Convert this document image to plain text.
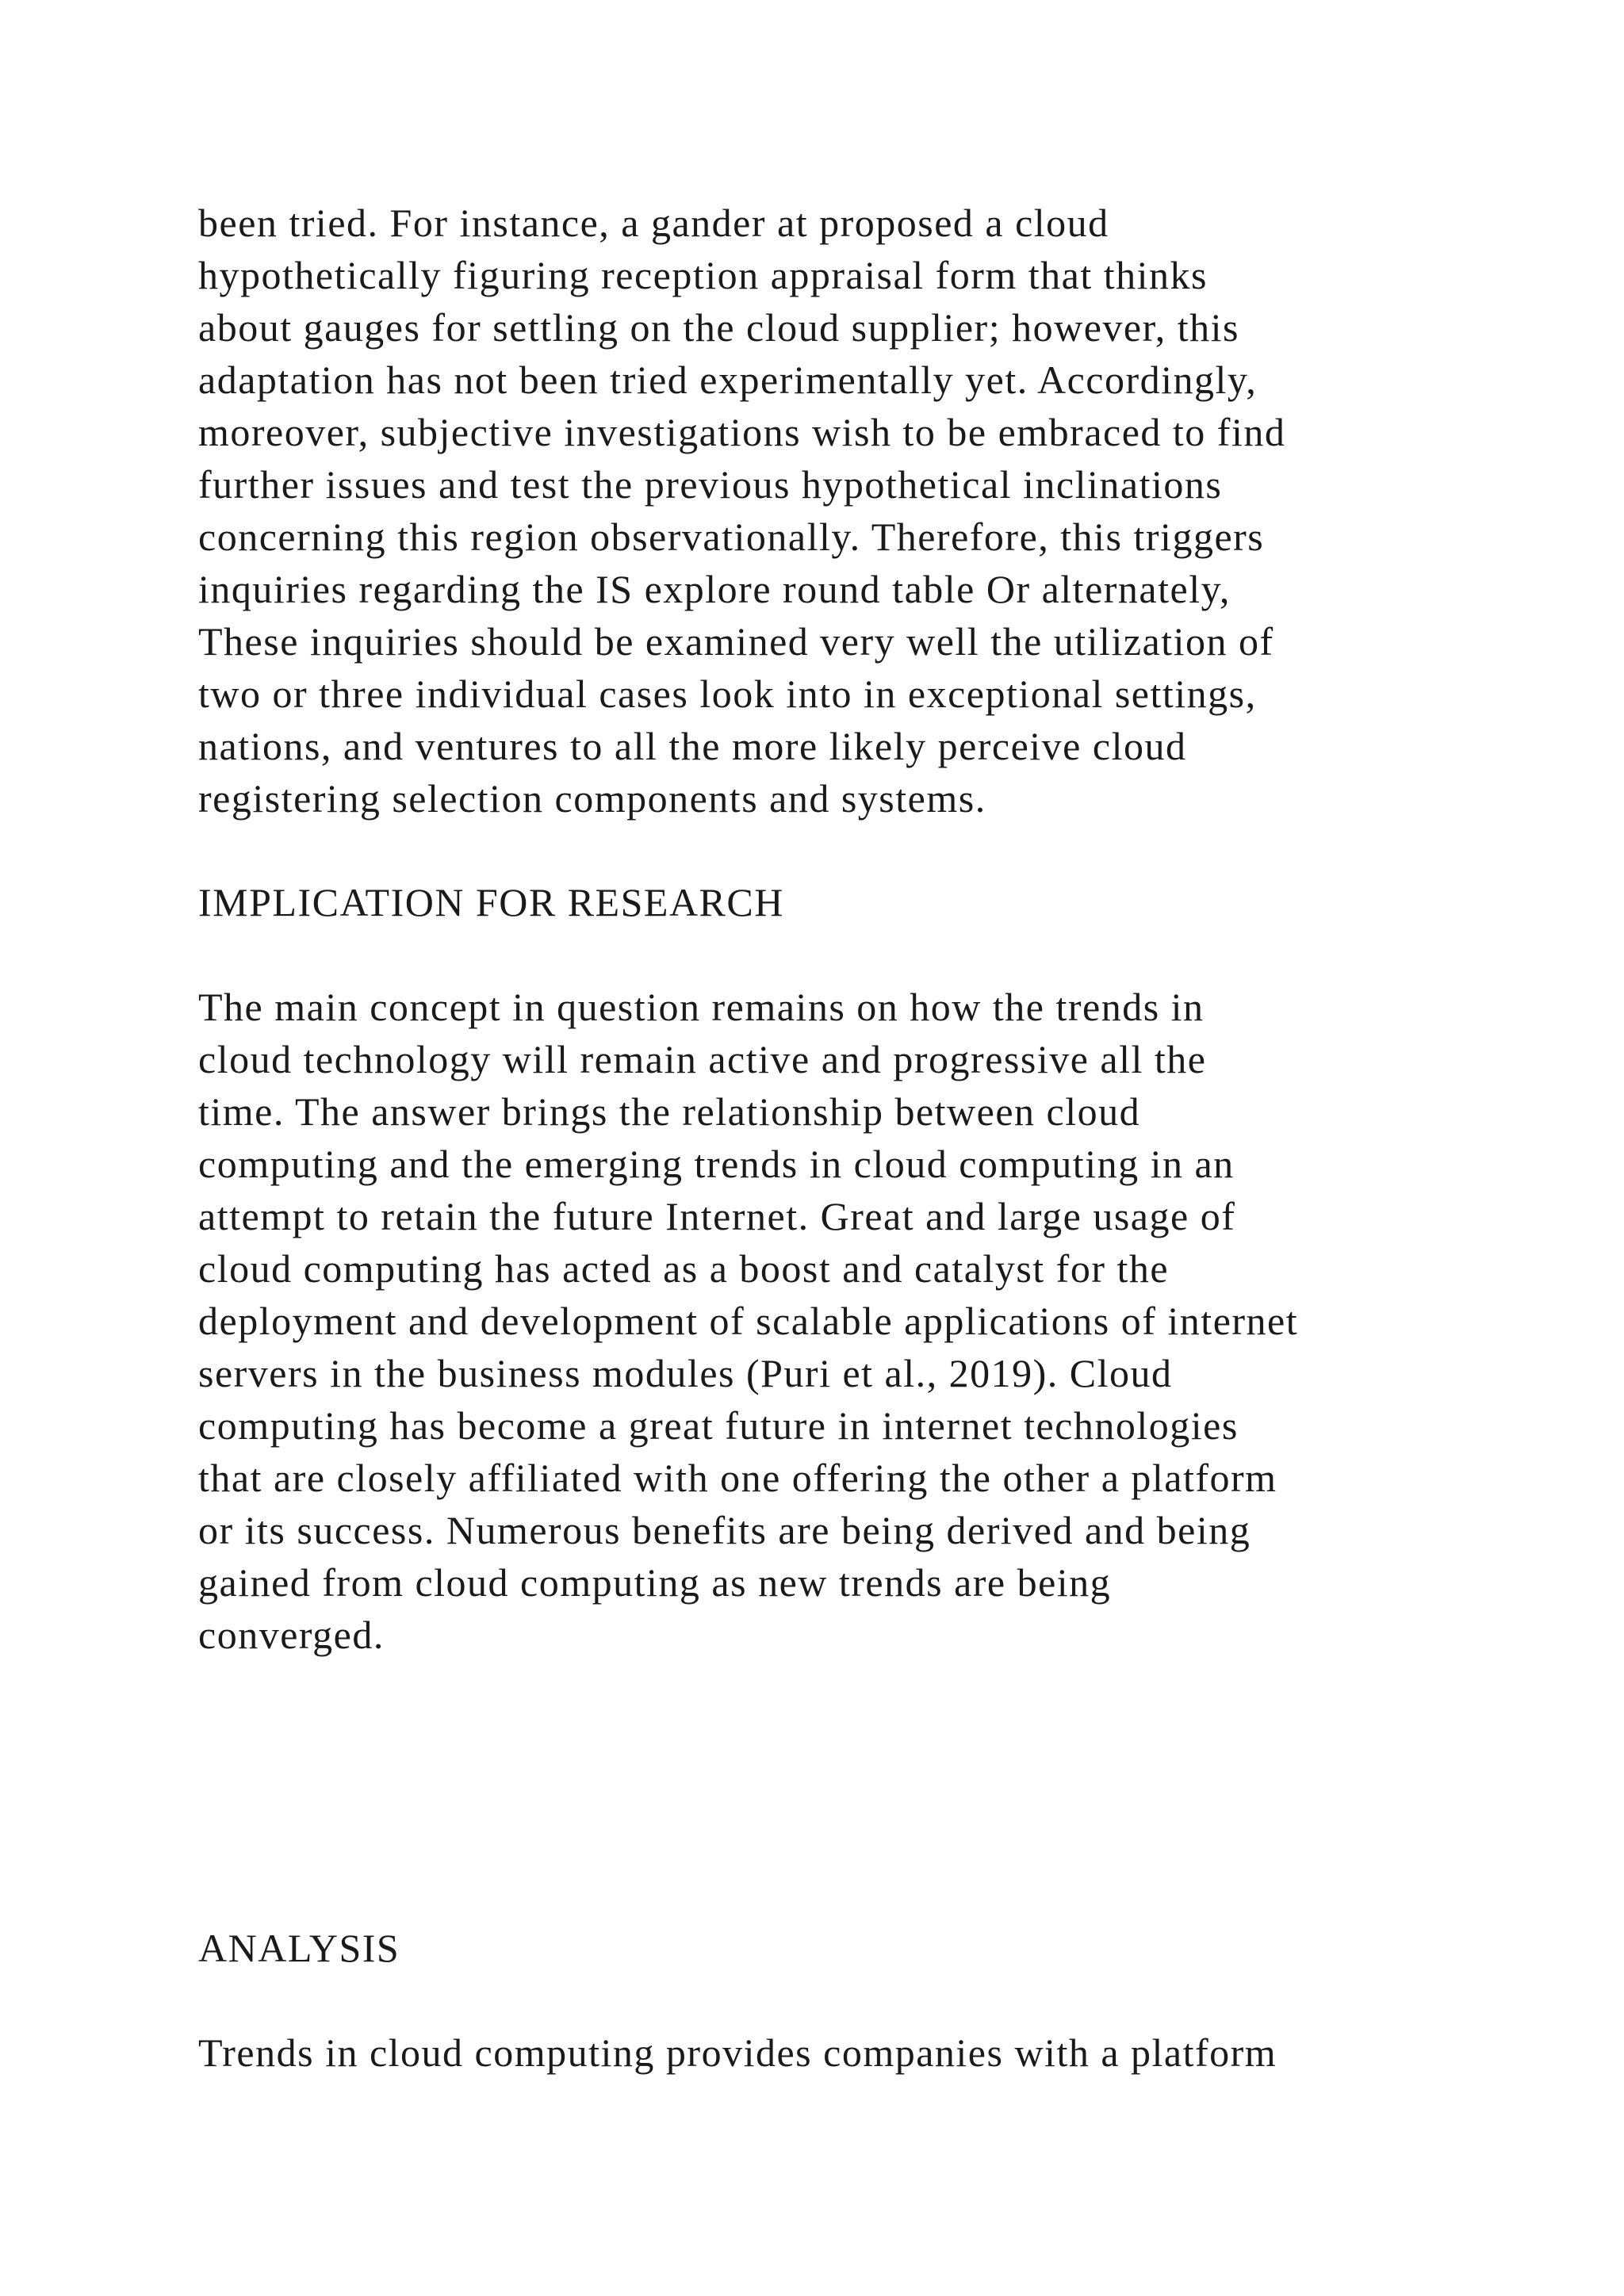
been tried. For instance, a gander at proposed a cloud
hypothetically figuring reception appraisal form that thinks
about gauges for settling on the cloud supplier; however, this
adaptation has not been tried experimentally yet. Accordingly,
moreover, subjective investigations wish to be embraced to find
further issues and test the previous hypothetical inclinations
concerning this region observationally. Therefore, this triggers
inquiries regarding the IS explore round table Or alternately,
These inquiries should be examined very well the utilization of
two or three individual cases look into in exceptional settings,
nations, and ventures to all the more likely perceive cloud
registering selection components and systems.

IMPLICATION FOR RESEARCH

The main concept in question remains on how the trends in
cloud technology will remain active and progressive all the
time. The answer brings the relationship between cloud
computing and the emerging trends in cloud computing in an
attempt to retain the future Internet. Great and large usage of
cloud computing has acted as a boost and catalyst for the
deployment and development of scalable applications of internet
servers in the business modules (Puri et al., 2019). Cloud
computing has become a great future in internet technologies
that are closely affiliated with one offering the other a platform
or its success. Numerous benefits are being derived and being
gained from cloud computing as new trends are being
converged.

ANALYSIS

Trends in cloud computing provides companies with a platform
